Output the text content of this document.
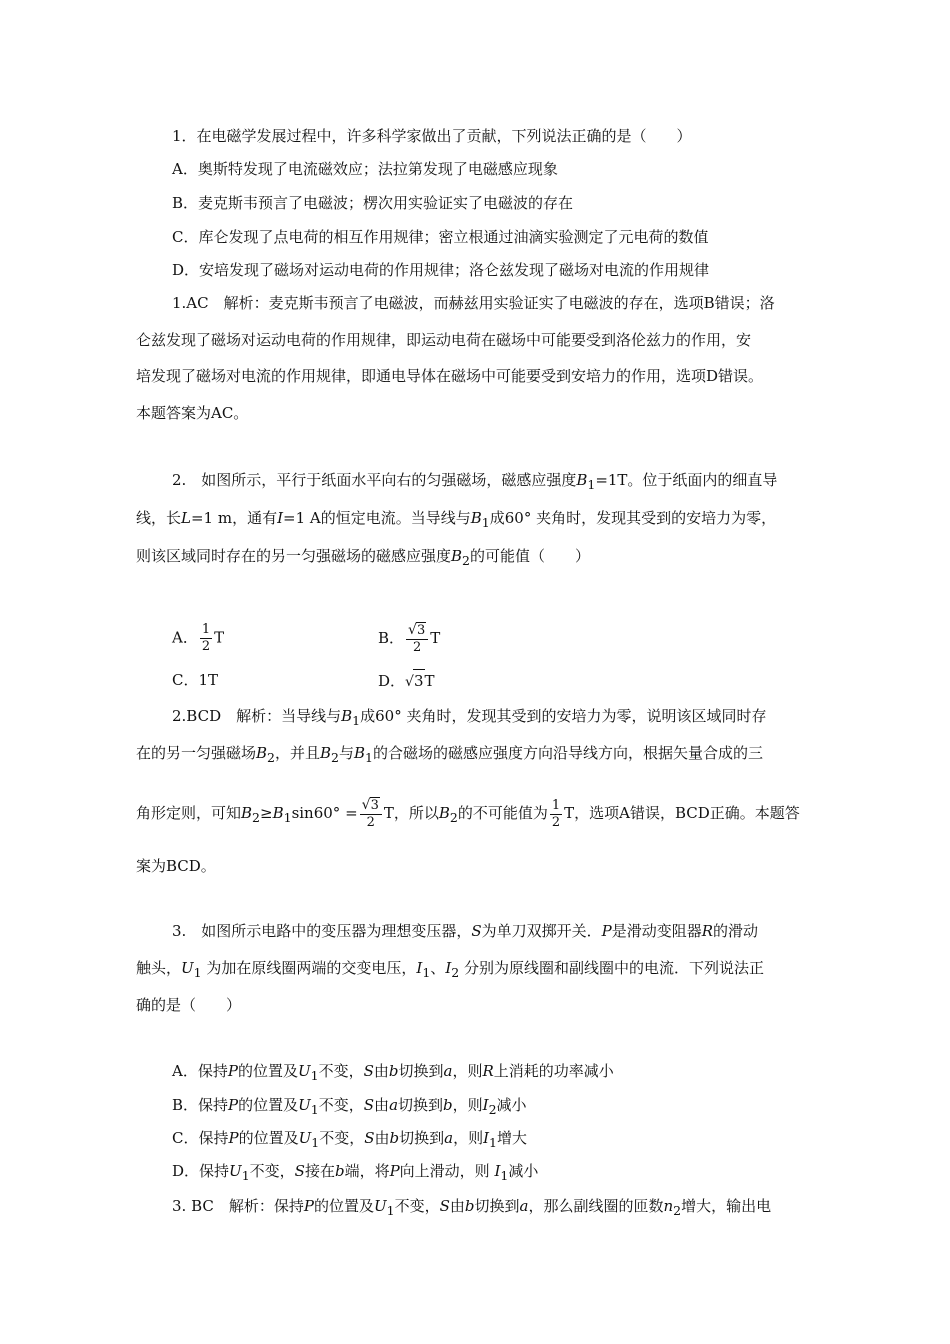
1．在电磁学发展过程中，许多科学家做出了贡献，下列说法正确的是（　　）
A．奥斯特发现了电流磁效应；法拉第发现了电磁感应现象
B．麦克斯韦预言了电磁波；楞次用实验证实了电磁波的存在
C．库仑发现了点电荷的相互作用规律；密立根通过油滴实验测定了元电荷的数值
D．安培发现了磁场对运动电荷的作用规律；洛仑兹发现了磁场对电流的作用规律
1.AC　解析：麦克斯韦预言了电磁波，而赫兹用实验证实了电磁波的存在，选项B错误；洛
仑兹发现了磁场对运动电荷的作用规律，即运动电荷在磁场中可能要受到洛伦兹力的作用，安
培发现了磁场对电流的作用规律，即通电导体在磁场中可能要受到安培力的作用，选项D错误。
本题答案为AC。
2.　如图所示，平行于纸面水平向右的匀强磁场，磁感应强度$B_1=1T$。位于纸面内的细直导
线，长L=1 m，通有I=1 A的恒定电流。当导线与$B_1$成60° 夹角时，发现其受到的安培力为零，
则该区域同时存在的另一匀强磁场的磁感应强度$B_2$的可能值（　　）
A． $\frac{1}{2}$ T	B． $\frac{√3}{2}$ T
C．1T	D．√3T
2.BCD　解析：当导线与$B_1$成60° 夹角时，发现其受到的安培力为零，说明该区域同时存
在的另一匀强磁场$B_2$，并且$B_2$与$B_1$的合磁场的磁感应强度方向沿导线方向，根据矢量合成的三
角形定则，可知$B_2\ge B_1\sin 60^\circ = \frac{√3}{2}$ T，所以$B_2$的不可能值为 $\frac{1}{2}$ T，选项A错误，BCD正确。本题答
案为BCD。
3.　如图所示电路中的变压器为理想变压器，S为单刀双掷开关．P是滑动变阻器R的滑动
触头，$U_1$ 为加在原线圈两端的交变电压，$I_1$、$I_2$ 分别为原线圈和副线圈中的电流．下列说法正
确的是（　　）
A．保持P的位置及$U_1$不变，S由b切换到a，则R上消耗的功率减小
B．保持P的位置及$U_1$不变，S由a切换到b，则$I_2$减小
C．保持P的位置及$U_1$不变，S由b切换到a，则$I_1$增大
D．保持$U_1$不变，S接在b端，将P向上滑动，则 $I_1$减小
3. BC　解析：保持P的位置及$U_1$不变，S由b切换到a，那么副线圈的匝数$n_2$增大，输出电
